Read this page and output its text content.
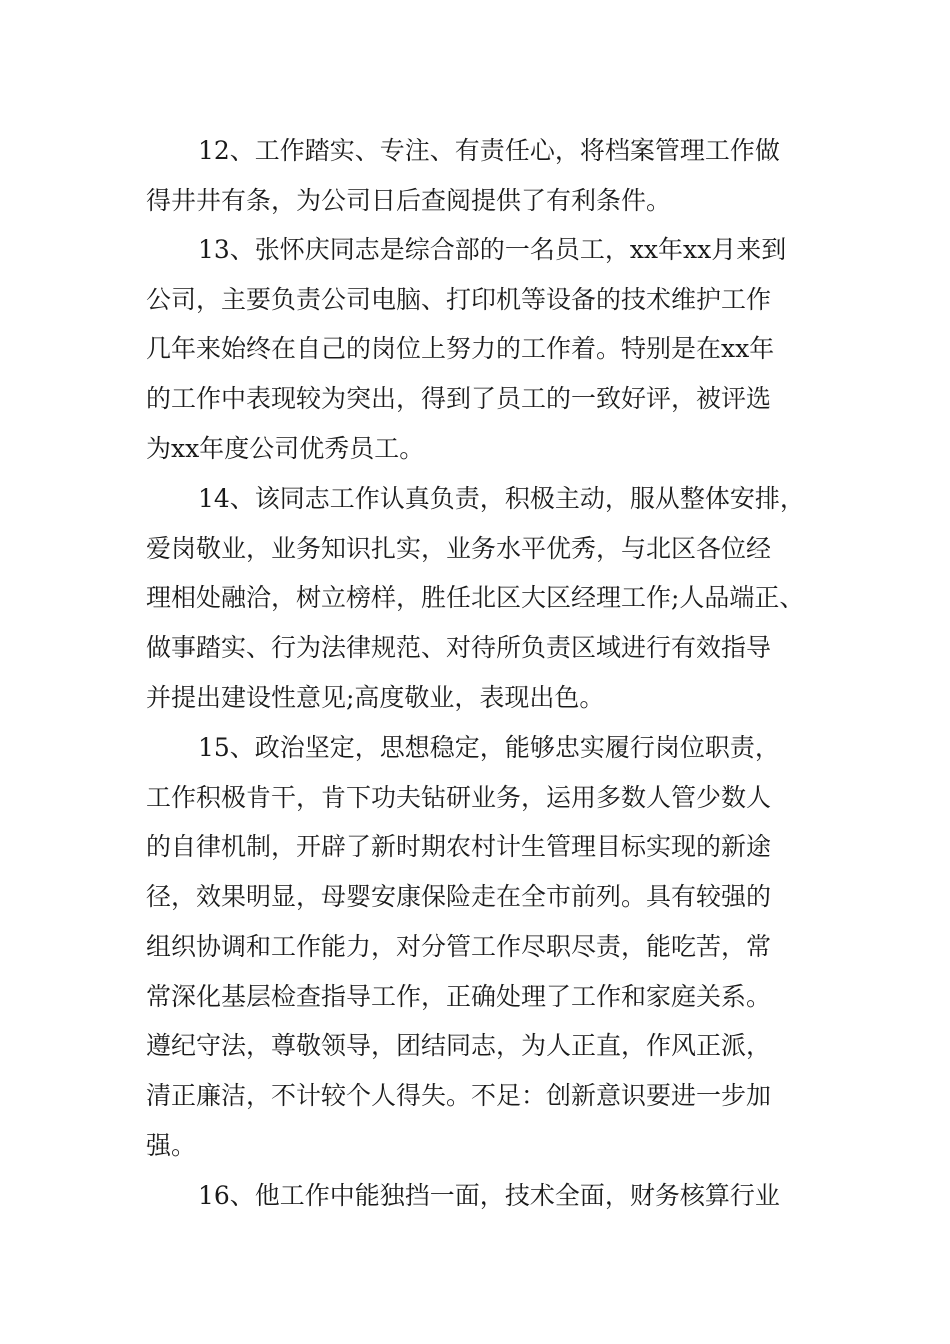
12、工作踏实、专注、有责任心，将档案管理工作做
得井井有条，为公司日后查阅提供了有利条件。
13、张怀庆同志是综合部的一名员工，xx年xx月来到
公司，主要负责公司电脑、打印机等设备的技术维护工作
几年来始终在自己的岗位上努力的工作着。特别是在xx年
的工作中表现较为突出，得到了员工的一致好评，被评选
为xx年度公司优秀员工。
14、该同志工作认真负责，积极主动，服从整体安排，
爱岗敬业，业务知识扎实，业务水平优秀，与北区各位经
理相处融洽，树立榜样，胜任北区大区经理工作;人品端正、
做事踏实、行为法律规范、对待所负责区域进行有效指导
并提出建设性意见;高度敬业，表现出色。
15、政治坚定，思想稳定，能够忠实履行岗位职责，
工作积极肯干，肯下功夫钻研业务，运用多数人管少数人
的自律机制，开辟了新时期农村计生管理目标实现的新途
径，效果明显，母婴安康保险走在全市前列。具有较强的
组织协调和工作能力，对分管工作尽职尽责，能吃苦，常
常深化基层检查指导工作，正确处理了工作和家庭关系。
遵纪守法，尊敬领导，团结同志，为人正直，作风正派，
清正廉洁，不计较个人得失。不足：创新意识要进一步加
强。
16、他工作中能独挡一面，技术全面，财务核算行业
